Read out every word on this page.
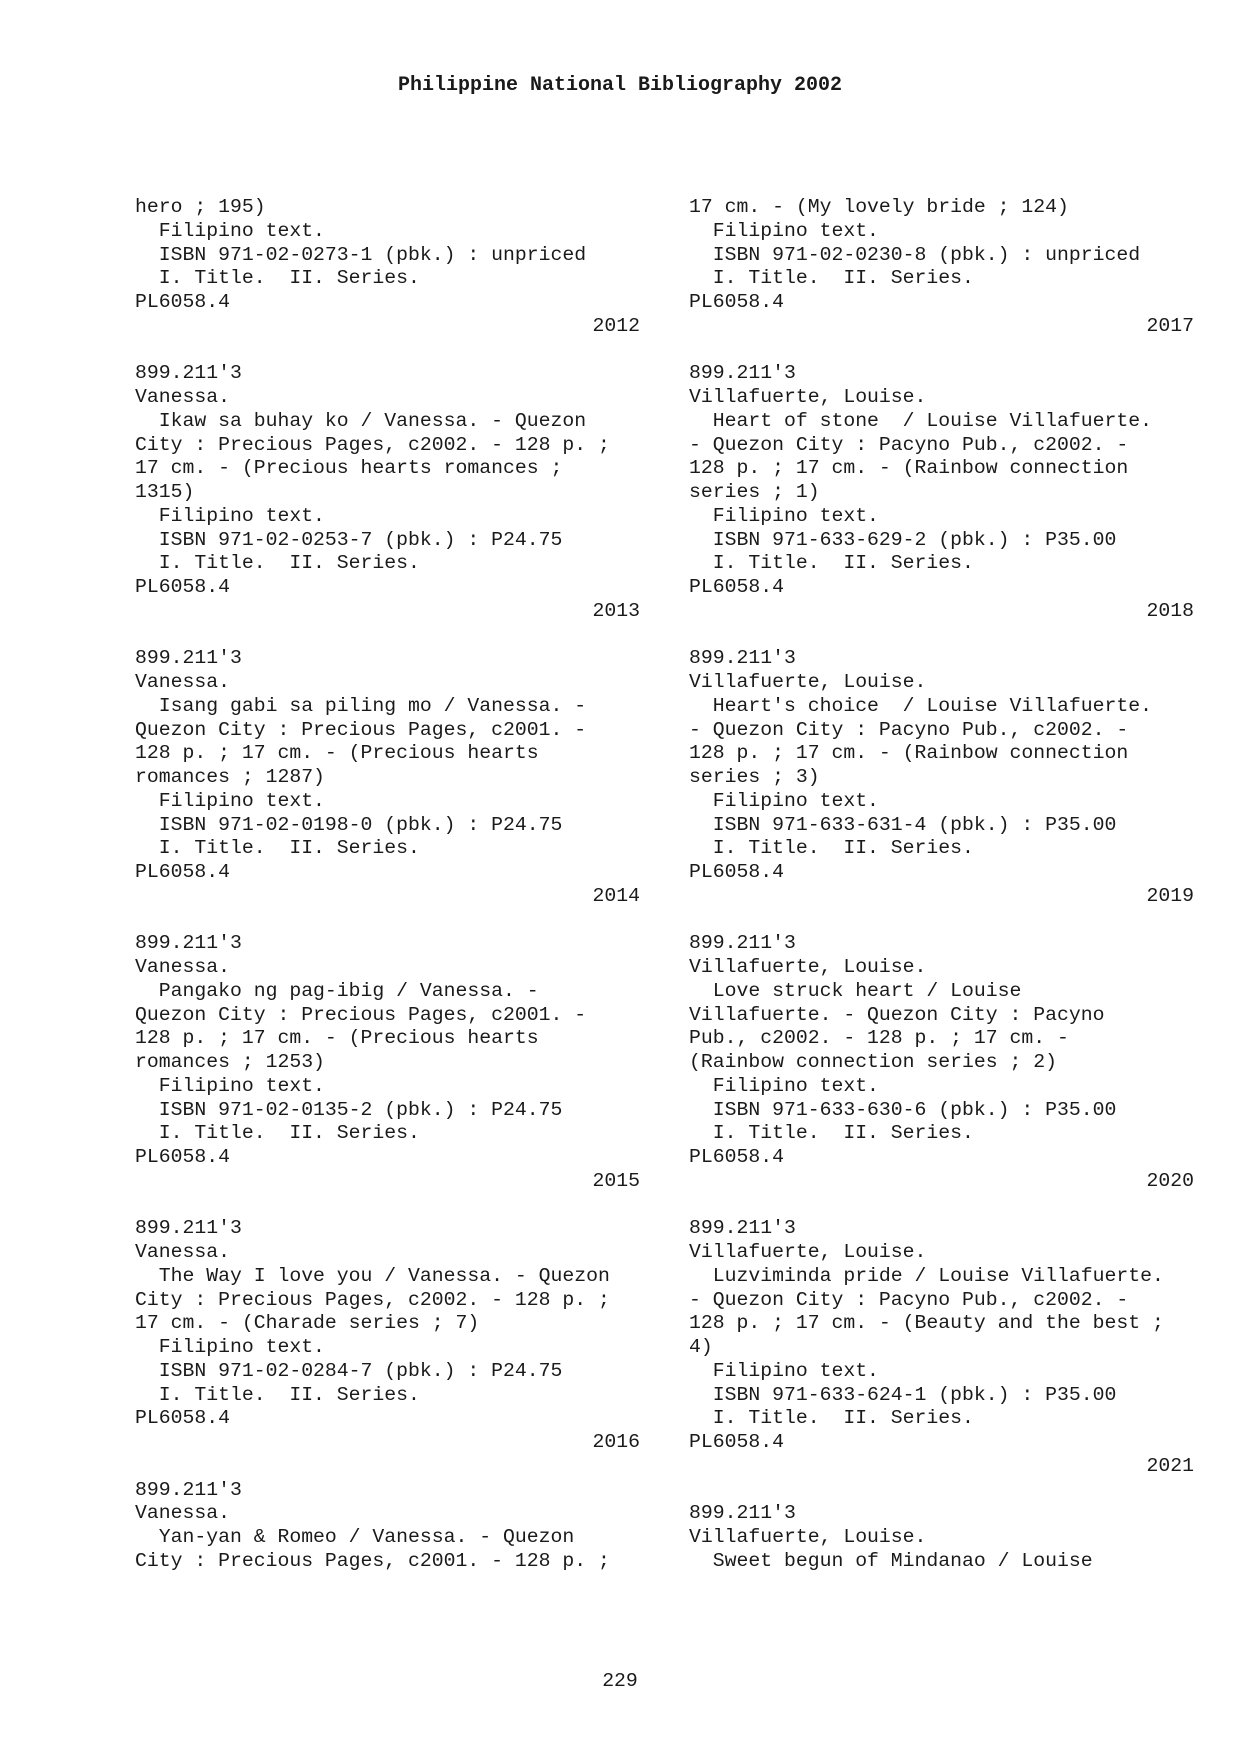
Philippine National Bibliography 2002
hero ; 195)
Filipino text.
ISBN 971-02-0273-1 (pbk.) : unpriced
I. Title.  II. Series.
PL6058.4
2012
899.211'3
Vanessa.
Ikaw sa buhay ko / Vanessa. - Quezon
City : Precious Pages, c2002. - 128 p. ;
17 cm. - (Precious hearts romances ;
1315)
Filipino text.
ISBN 971-02-0253-7 (pbk.) : P24.75
I. Title.  II. Series.
PL6058.4
2013
899.211'3
Vanessa.
Isang gabi sa piling mo / Vanessa. -
Quezon City : Precious Pages, c2001. -
128 p. ; 17 cm. - (Precious hearts
romances ; 1287)
Filipino text.
ISBN 971-02-0198-0 (pbk.) : P24.75
I. Title.  II. Series.
PL6058.4
2014
899.211'3
Vanessa.
Pangako ng pag-ibig / Vanessa. -
Quezon City : Precious Pages, c2001. -
128 p. ; 17 cm. - (Precious hearts
romances ; 1253)
Filipino text.
ISBN 971-02-0135-2 (pbk.) : P24.75
I. Title.  II. Series.
PL6058.4
2015
899.211'3
Vanessa.
The Way I love you / Vanessa. - Quezon
City : Precious Pages, c2002. - 128 p. ;
17 cm. - (Charade series ; 7)
Filipino text.
ISBN 971-02-0284-7 (pbk.) : P24.75
I. Title.  II. Series.
PL6058.4
2016
899.211'3
Vanessa.
Yan-yan & Romeo / Vanessa. - Quezon
City : Precious Pages, c2001. - 128 p. ;
17 cm. - (My lovely bride ; 124)
Filipino text.
ISBN 971-02-0230-8 (pbk.) : unpriced
I. Title.  II. Series.
PL6058.4
2017
899.211'3
Villafuerte, Louise.
Heart of stone  / Louise Villafuerte.
- Quezon City : Pacyno Pub., c2002. -
128 p. ; 17 cm. - (Rainbow connection
series ; 1)
Filipino text.
ISBN 971-633-629-2 (pbk.) : P35.00
I. Title.  II. Series.
PL6058.4
2018
899.211'3
Villafuerte, Louise.
Heart's choice  / Louise Villafuerte.
- Quezon City : Pacyno Pub., c2002. -
128 p. ; 17 cm. - (Rainbow connection
series ; 3)
Filipino text.
ISBN 971-633-631-4 (pbk.) : P35.00
I. Title.  II. Series.
PL6058.4
2019
899.211'3
Villafuerte, Louise.
Love struck heart / Louise
Villafuerte. - Quezon City : Pacyno
Pub., c2002. - 128 p. ; 17 cm. -
(Rainbow connection series ; 2)
Filipino text.
ISBN 971-633-630-6 (pbk.) : P35.00
I. Title.  II. Series.
PL6058.4
2020
899.211'3
Villafuerte, Louise.
Luzviminda pride / Louise Villafuerte.
- Quezon City : Pacyno Pub., c2002. -
128 p. ; 17 cm. - (Beauty and the best ;
4)
Filipino text.
ISBN 971-633-624-1 (pbk.) : P35.00
I. Title.  II. Series.
PL6058.4
2021
899.211'3
Villafuerte, Louise.
Sweet begun of Mindanao / Louise
229
